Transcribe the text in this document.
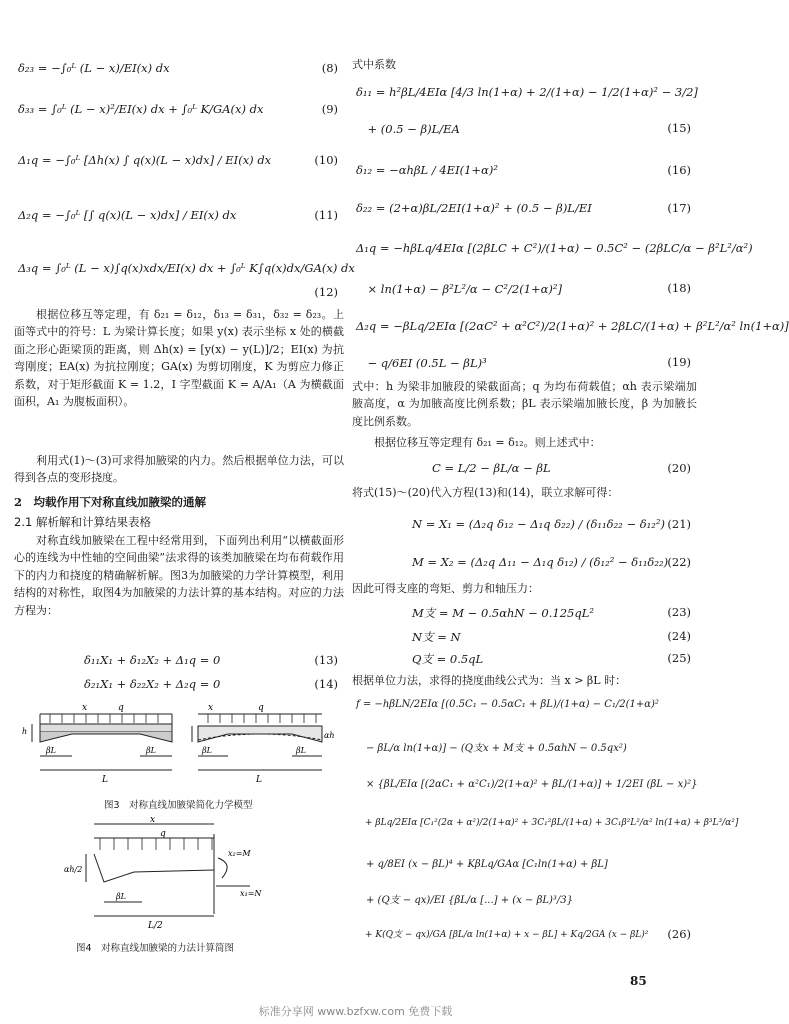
δ₂₃ = −∫₀ᴸ (L − x)/EI(x) dx	(8)
δ₃₃ = ∫₀ᴸ (L − x)²/EI(x) dx + ∫₀ᴸ K/GA(x) dx	(9)
Δ₁q = −∫₀ᴸ [Δh(x) ∫ q(x)(L − x)dx] / EI(x) dx	(10)
Δ₂q = −∫₀ᴸ [∫ q(x)(L − x)dx] / EI(x) dx	(11)
Δ₃q = ∫₀ᴸ (L − x)∫q(x)xdx/EI(x) dx + ∫₀ᴸ K∫q(x)dx/GA(x) dx
(12)
根据位移互等定理，有 δ₂₁ = δ₁₂，δ₁₃ = δ₃₁，δ₃₂ = δ₂₃。上面等式中的符号：L 为梁计算长度；如果 y(x) 表示坐标 x 处的横截面之形心距梁顶的距离，则 Δh(x) = [y(x) − y(L)]/2；EI(x) 为抗弯刚度；EA(x) 为抗拉刚度；GA(x) 为剪切刚度，K 为剪应力修正系数，对于矩形截面 K = 1.2，I 字型截面 K = A/A₁（A 为横截面面积，A₁ 为腹板面积）。
利用式(1)～(3)可求得加腋梁的内力。然后根据单位力法，可以得到各点的变形挠度。
2　均载作用下对称直线加腋梁的通解
2.1 解析解和计算结果表格
对称直线加腋梁在工程中经常用到，下面列出利用“以横截面形心的连线为中性轴的空间曲梁”法求得的该类加腋梁在均布荷载作用下的内力和挠度的精确解析解。图3为加腋梁的力学计算模型，利用结构的对称性，取图4为加腋梁的力法计算的基本结构。对应的力法方程为：
δ₁₁X₁ + δ₁₂X₂ + Δ₁q = 0	(13)
δ₂₁X₁ + δ₂₂X₂ + Δ₂q = 0	(14)
x	q
h
βL	βL
L
x	q
αh
βL	βL
L
图3　对称直线加腋梁简化力学模型
x
q
x₂=M
x₁=N
αh/2
βL
L/2
图4　对称直线加腋梁的力法计算简图
式中系数
δ₁₁ = h²βL/4EIα [4/3 ln(1+α) + 2/(1+α) − 1/2(1+α)² − 3/2]
　+ (0.5 − β)L/EA	(15)
δ₁₂ = −αhβL / 4EI(1+α)²	(16)
δ₂₂ = (2+α)βL/2EI(1+α)² + (0.5 − β)L/EI	(17)
Δ₁q = −hβLq/4EIα [(2βLC + C²)/(1+α) − 0.5C² − (2βLC/α − β²L²/α²)
　× ln(1+α) − β²L²/α − C²/2(1+α)²]	(18)
Δ₂q = −βLq/2EIα [(2αC² + α²C²)/2(1+α)² + 2βLC/(1+α) + β²L²/α² ln(1+α)]
　− q/6EI (0.5L − βL)³	(19)
式中：h 为梁非加腋段的梁截面高；q 为均布荷载值；αh 表示梁端加腋高度，α 为加腋高度比例系数；βL 表示梁端加腋长度，β 为加腋长度比例系数。
根据位移互等定理有 δ₂₁ = δ₁₂。则上述式中：
C = L/2 − βL/α − βL	(20)
将式(15)～(20)代入方程(13)和(14)，联立求解可得：
N = X₁ = (Δ₂q δ₁₂ − Δ₁q δ₂₂) / (δ₁₁δ₂₂ − δ₁₂²) (21)
M = X₂ = (Δ₂q Δ₁₁ − Δ₁q δ₁₂) / (δ₁₂² − δ₁₁δ₂₂) (22)
因此可得支座的弯矩、剪力和轴压力：
M支 = M − 0.5αhN − 0.125qL²	(23)
N支 = N	(24)
Q支 = 0.5qL	(25)
根据单位力法，求得的挠度曲线公式为：当 x > βL 时：
f = −hβLN/2EIα [(0.5C₁ − 0.5αC₁ + βL)/(1+α) − C₁/2(1+α)²
　− βL/α ln(1+α)] − (Q支x + M支 + 0.5αhN − 0.5qx²)
　× {βL/EIα [(2αC₁ + α²C₁)/2(1+α)² + βL/(1+α)] + 1/2EI (βL − x)²}
　+ βLq/2EIα [C₁²(2α + α²)/2(1+α)² + 3C₁²βL/(1+α) + 3C₁β²L²/α² ln(1+α) + β³L³/α²]
　+ q/8EI (x − βL)⁴ + KβLq/GAα [C₁ln(1+α) + βL]
　+ (Q支 − qx)/EI {βL/α [...] + (x − βL)³/3}
　+ K(Q支 − qx)/GA [βL/α ln(1+α) + x − βL] + Kq/2GA (x − βL)² (26)
85
标准分享网 www.bzfxw.com 免费下载
